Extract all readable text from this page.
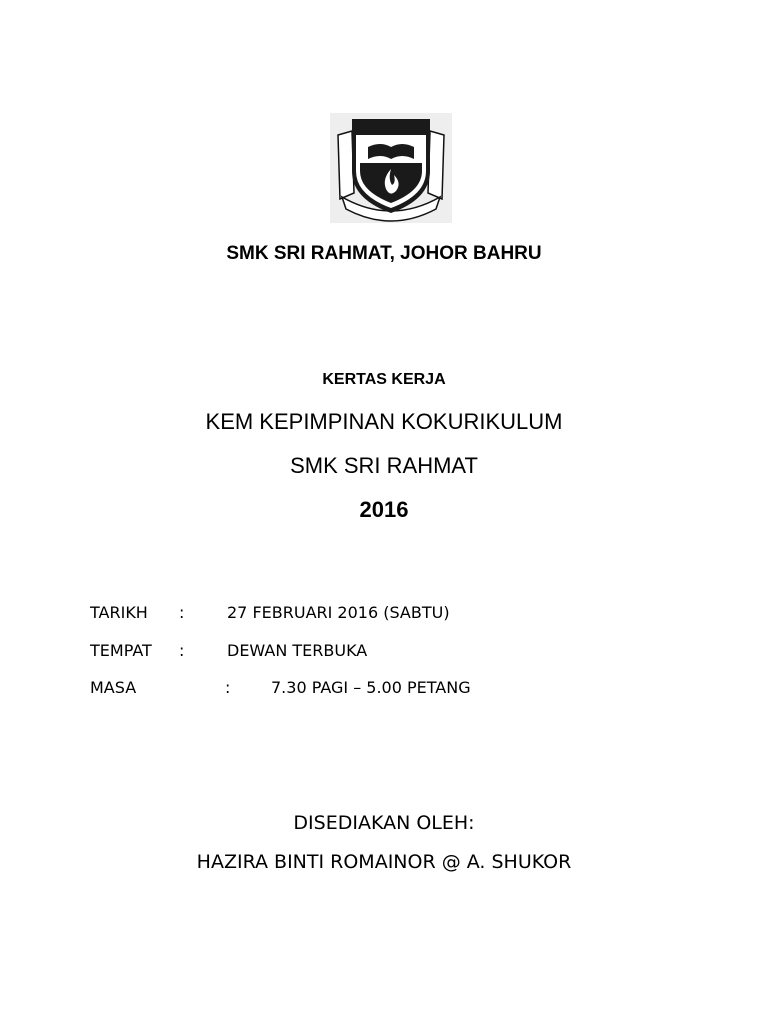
SMK SRI RAHMAT, JOHOR BAHRU
KERTAS KERJA
KEM KEPIMPINAN KOKURIKULUM
SMK SRI RAHMAT
2016
TARIKH :	27 FEBRUARI 2016 (SABTU)
TEMPAT :	DEWAN TERBUKA
MASA	:	7.30 PAGI – 5.00 PETANG
DISEDIAKAN OLEH:
HAZIRA BINTI ROMAINOR @ A. SHUKOR
